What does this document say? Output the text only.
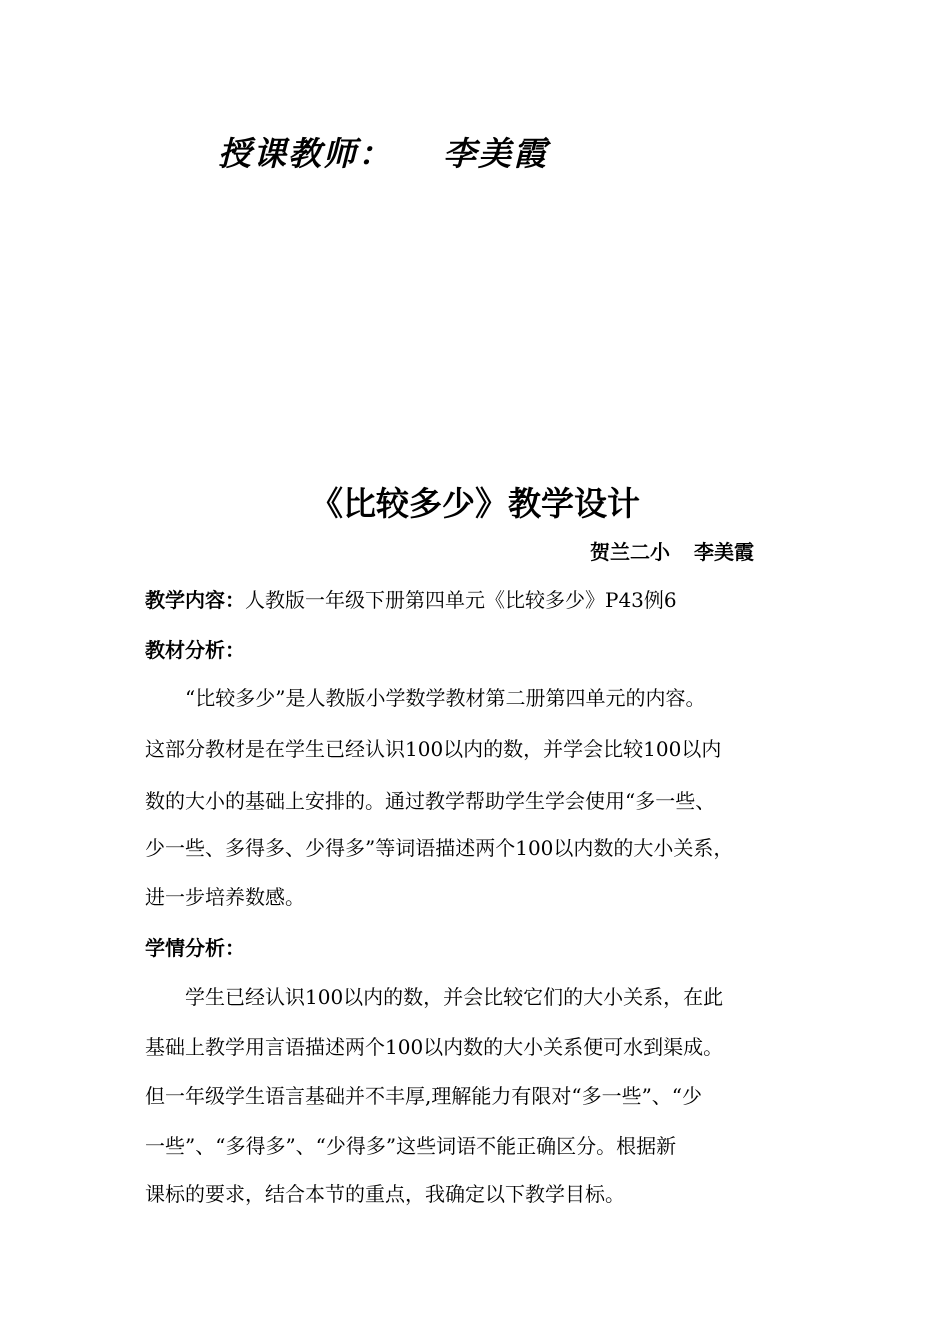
授课教师： 李美霞
《比较多少》教学设计
贺兰二小 李美霞
教学内容：人教版一年级下册第四单元《比较多少》P43例6
教材分析：
“比较多少”是人教版小学数学教材第二册第四单元的内容。
这部分教材是在学生已经认识100以内的数，并学会比较100以内
数的大小的基础上安排的。通过教学帮助学生学会使用“多一些、
少一些、多得多、少得多”等词语描述两个100以内数的大小关系，
进一步培养数感。
学情分析：
学生已经认识100以内的数，并会比较它们的大小关系，在此
基础上教学用言语描述两个100以内数的大小关系便可水到渠成。
但一年级学生语言基础并不丰厚,理解能力有限对“多一些”、“少
一些”、“多得多”、“少得多”这些词语不能正确区分。根据新
课标的要求，结合本节的重点，我确定以下教学目标。
